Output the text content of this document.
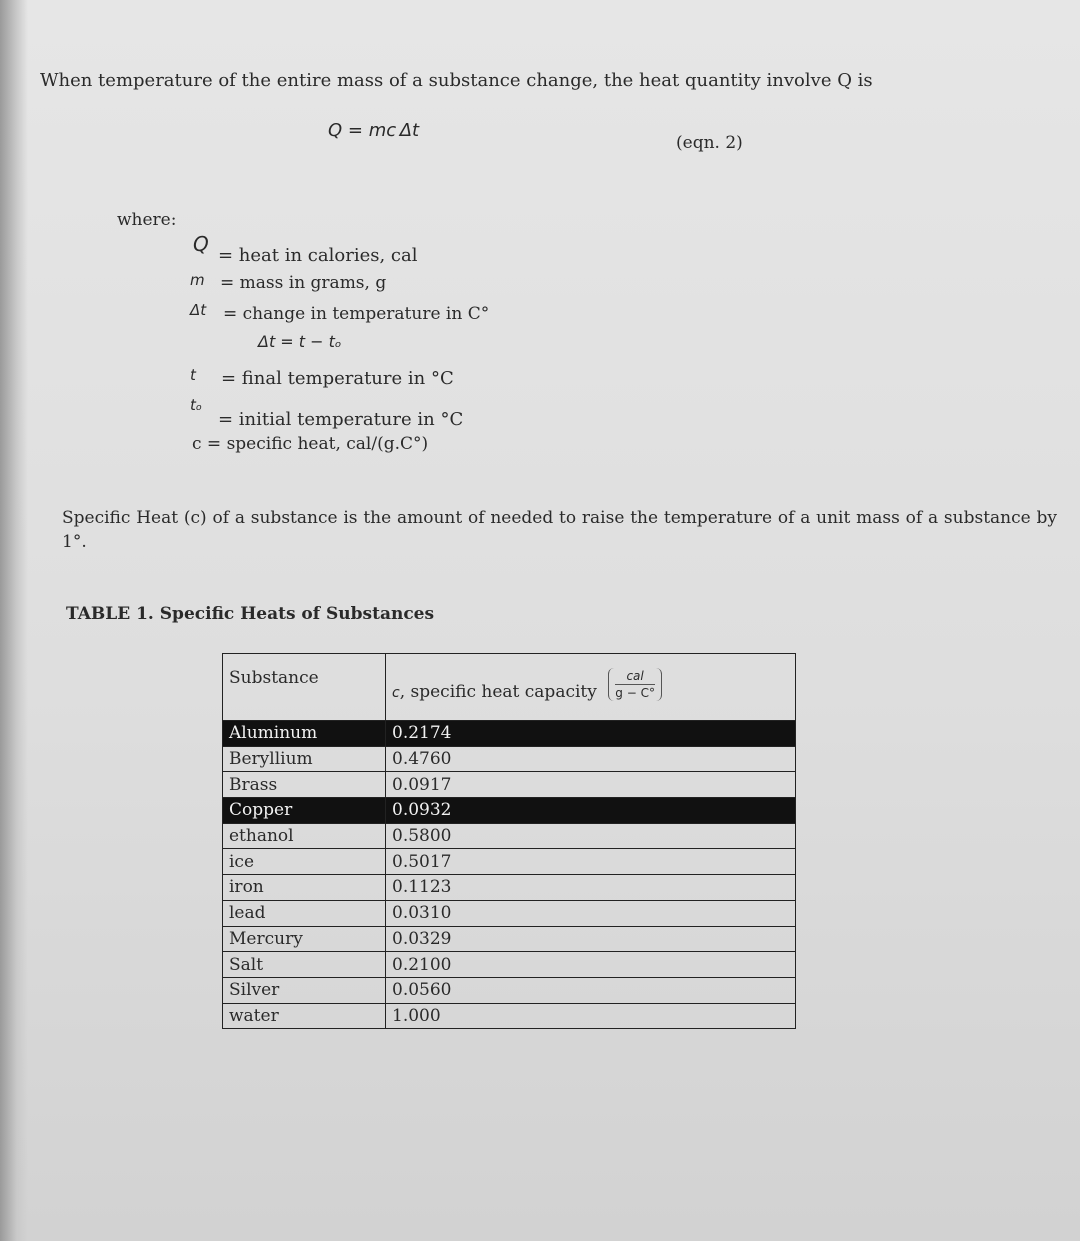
When temperature of the entire mass of a substance change, the heat quantity involve Q is
Q = mc Δt
(eqn. 2)
where:
Q = heat in calories, cal
m = mass in grams, g
Δt = change in temperature in C°
Δt = t − tₒ
t = final temperature in °C
tₒ
= initial temperature in °C
c = specific heat, cal/(g.C°)
Specific Heat (c) of a substance is the amount of needed to raise the temperature of a unit mass of a substance by 1°.
TABLE 1. Specific Heats of Substances
Substance	c, specific heat capacity $\frac{\text{cal}}{g - C^\circ}$

Aluminum	0.2174
Beryllium	0.4760
Brass	0.0917
Copper	0.0932
ethanol	0.5800
ice	0.5017
iron	0.1123
lead	0.0310
Mercury	0.0329
Salt	0.2100
Silver	0.0560
water	1.000
